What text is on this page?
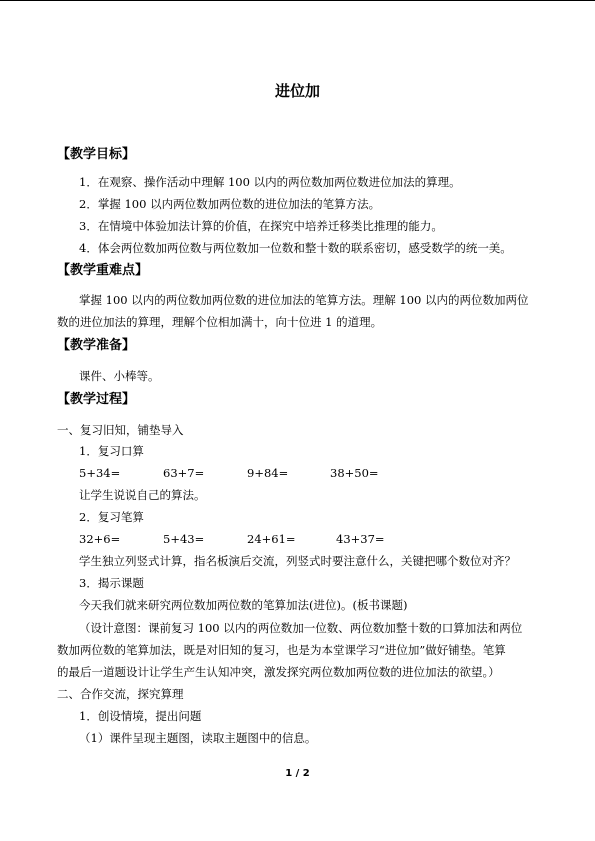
进位加
【教学目标】
1．在观察、操作活动中理解 100 以内的两位数加两位数进位加法的算理。
2．掌握 100 以内两位数加两位数的进位加法的笔算方法。
3．在情境中体验加法计算的价值，在探究中培养迁移类比推理的能力。
4．体会两位数加两位数与两位数加一位数和整十数的联系密切，感受数学的统一美。
【教学重难点】
掌握 100 以内的两位数加两位数的进位加法的笔算方法。理解 100 以内的两位数加两位
数的进位加法的算理，理解个位相加满十，向十位进 1 的道理。
【教学准备】
课件、小棒等。
【教学过程】
一、复习旧知，铺垫导入
1．复习口算
5+34=	63+7=	9+84=	38+50=
让学生说说自己的算法。
2．复习笔算
32+6=	5+43=	24+61=	43+37=
学生独立列竖式计算，指名板演后交流，列竖式时要注意什么，关键把哪个数位对齐？
3．揭示课题
今天我们就来研究两位数加两位数的笔算加法(进位)。(板书课题)
（设计意图：课前复习 100 以内的两位数加一位数、两位数加整十数的口算加法和两位
数加两位数的笔算加法，既是对旧知的复习，也是为本堂课学习“进位加”做好铺垫。笔算
的最后一道题设计让学生产生认知冲突，激发探究两位数加两位数的进位加法的欲望。）
二、合作交流，探究算理
1．创设情境，提出问题
（1）课件呈现主题图，读取主题图中的信息。
1 / 2
